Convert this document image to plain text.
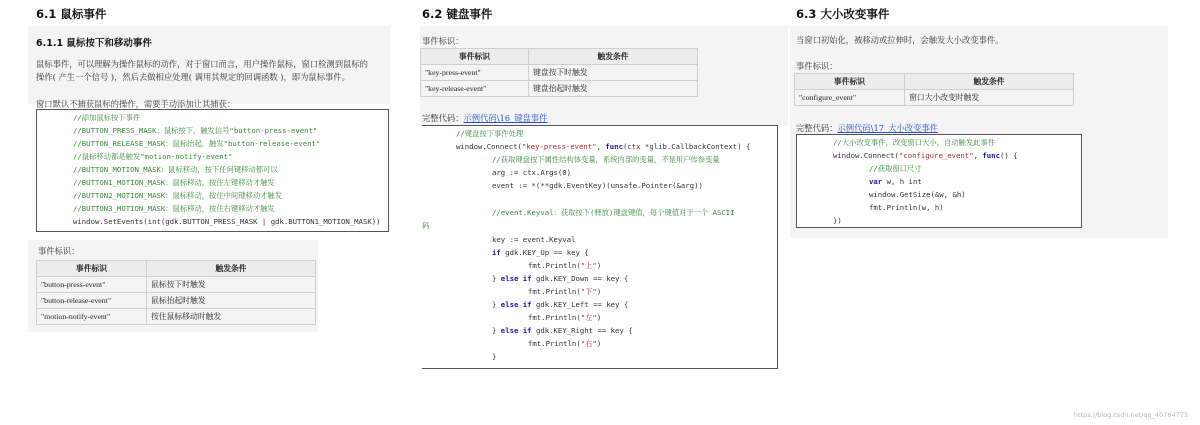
6.1 鼠标事件
6.1.1 鼠标按下和移动事件
鼠标事件，可以理解为操作鼠标的动作，对于窗口而言，用户操作鼠标，窗口检测到鼠标的
操作( 产生一个信号 )，然后去做相应处理( 调用其规定的回调函数 )，即为鼠标事件。
窗口默认不捕获鼠标的操作，需要手动添加让其捕获：
//添加鼠标按下事件
//BUTTON_PRESS_MASK：鼠标按下，触发信号"button-press-event"
//BUTTON_RELEASE_MASK：鼠标抬起，触发"button-release-event"
//鼠标移动都是触发"motion-notify-event"
//BUTTON_MOTION_MASK：鼠标移动，按下任何键移动都可以
//BUTTON1_MOTION_MASK：鼠标移动，按住左键移动才触发
//BUTTON2_MOTION_MASK：鼠标移动，按住中间键移动才触发
//BUTTON3_MOTION_MASK：鼠标移动，按住右键移动才触发
window.SetEvents(int(gdk.BUTTON_PRESS_MASK | gdk.BUTTON1_MOTION_MASK))
事件标识：
事件标识	触发条件
"button-press-event"	鼠标按下时触发
"button-release-event"	鼠标抬起时触发
"motion-notify-event"	按住鼠标移动时触发
6.2 键盘事件
事件标识：
事件标识	触发条件
"key-press-event"	键盘按下时触发
"key-release-event"	键盘抬起时触发
完整代码：示例代码\16_键盘事件
//键盘按下事件处理
window.Connect("key-press-event", func(ctx *glib.CallbackContext) {
//获取键盘按下属性结构体变量，系统内部的变量，不是用户传参变量
arg := ctx.Args(0)
event := *(**gdk.EventKey)(unsafe.Pointer(&arg))
//event.Keyval：获取按下(释放)键盘键值，每个键值对于一个 ASCII
码
key := event.Keyval
if gdk.KEY_Up == key {
fmt.Println("上")
} else if gdk.KEY_Down == key {
fmt.Println("下")
} else if gdk.KEY_Left == key {
fmt.Println("左")
} else if gdk.KEY_Right == key {
fmt.Println("右")
}
6.3 大小改变事件
当窗口初始化，被移动或拉伸时，会触发大小改变事件。
事件标识：
事件标识	触发条件
"configure_event"	窗口大小改变时触发
完整代码：示例代码\17_大小改变事件
//大小改变事件，改变窗口大小，自动触发此事件
window.Connect("configure_event", func() {
//获取窗口尺寸
var w, h int
window.GetSize(&w, &h)
fmt.Println(w, h)
})
https://blog.csdn.net/qq_40764773
